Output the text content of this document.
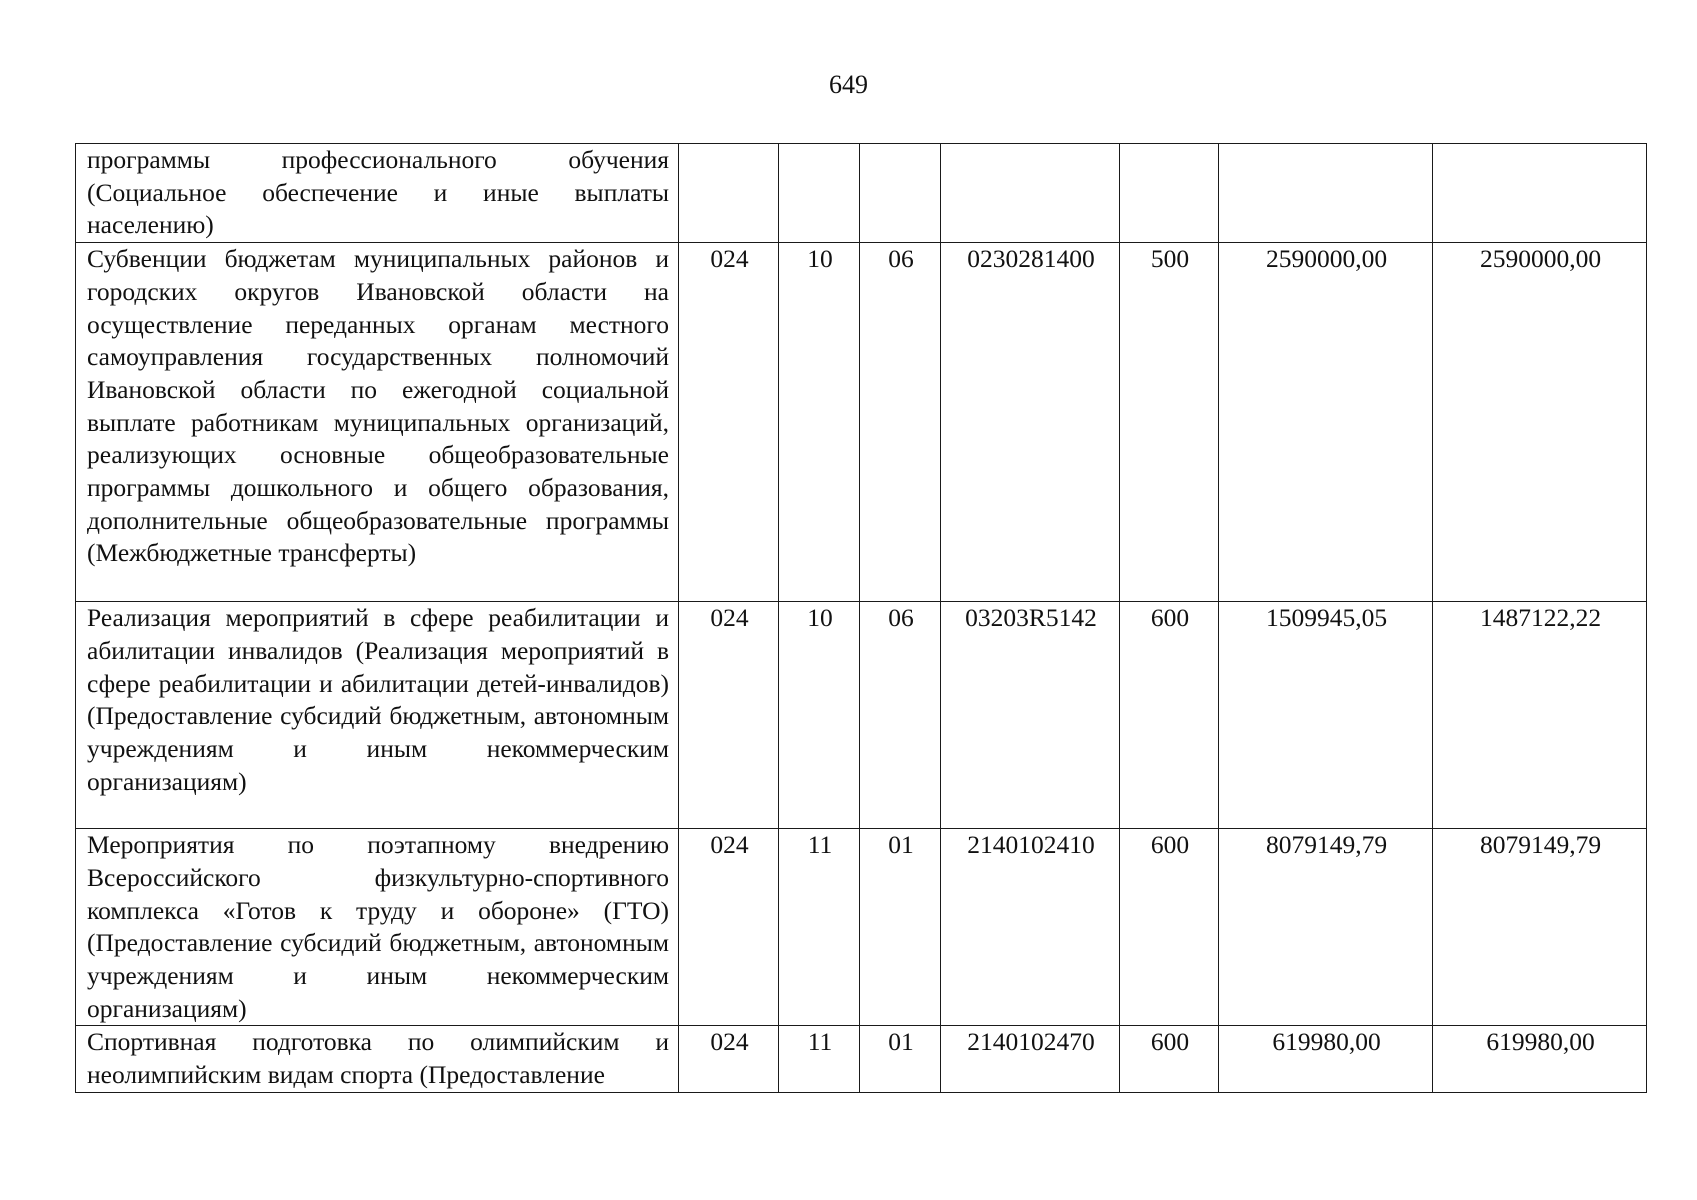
649
программы профессионального обучения (Социальное обеспечение и иные выплаты населению)							
Субвенции бюджетам муниципальных районов и городских округов Ивановской области на осуществление переданных органам местного самоуправления государственных полномочий Ивановской области по ежегодной социальной выплате работникам муниципальных организаций, реализующих основные общеобразовательные программы дошкольного и общего образования, дополнительные общеобразовательные программы (Межбюджетные трансферты)	024	10	06	0230281400	500	2590000,00	2590000,00
Реализация мероприятий в сфере реабилитации и абилитации инвалидов (Реализация мероприятий в сфере реабилитации и абилитации детей-инвалидов) (Предоставление субсидий бюджетным, автономным учреждениям и иным некоммерческим организациям)	024	10	06	03203R5142	600	1509945,05	1487122,22
Мероприятия по поэтапному внедрению Всероссийского физкультурно-спортивного комплекса «Готов к труду и обороне» (ГТО) (Предоставление субсидий бюджетным, автономным учреждениям и иным некоммерческим организациям)	024	11	01	2140102410	600	8079149,79	8079149,79
Спортивная подготовка по олимпийским и неолимпийским видам спорта (Предоставление	024	11	01	2140102470	600	619980,00	619980,00
